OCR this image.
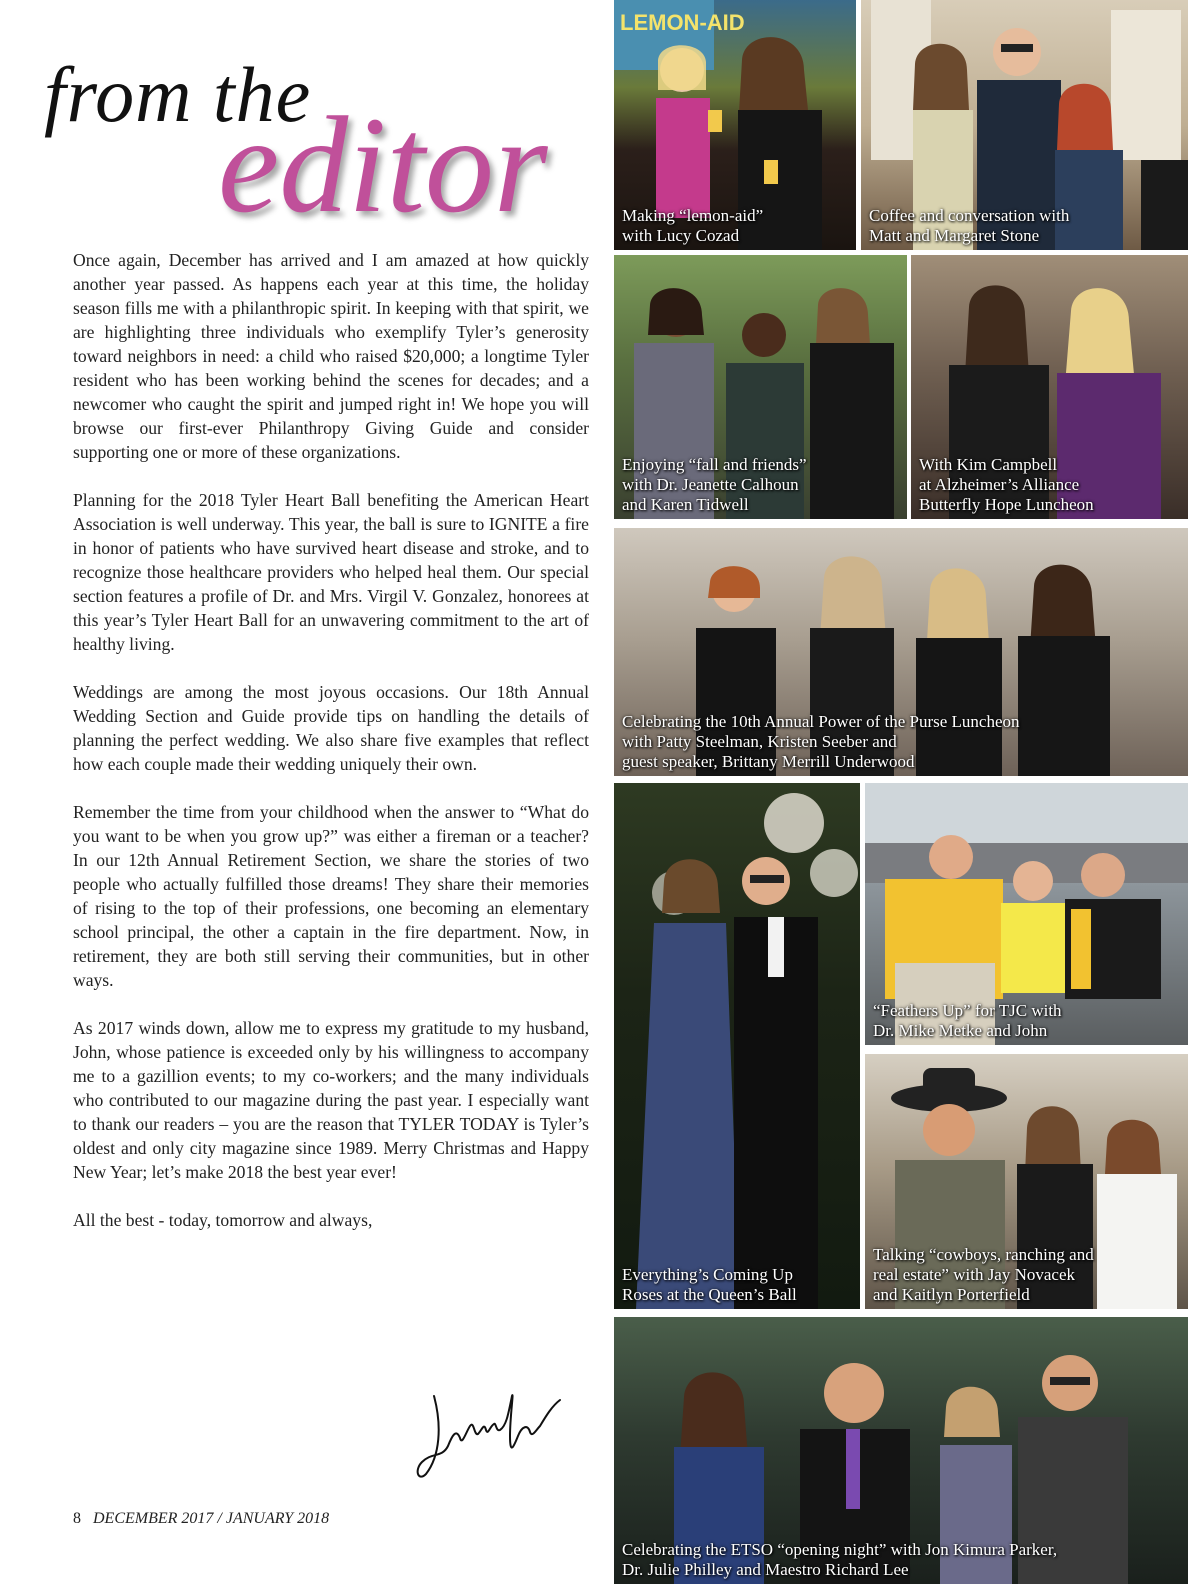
from the
editor

Once again, December has arrived and I am amazed at how quickly another year passed. As happens each year at this time, the holiday season fills me with a philanthropic spirit. In keeping with that spirit, we are highlighting three individuals who exemplify Tyler’s generosity toward neighbors in need: a child who raised $20,000; a longtime Tyler resident who has been working behind the scenes for decades; and a newcomer who caught the spirit and jumped right in! We hope you will browse our first-ever Philanthropy Giving Guide and consider supporting one or more of these organizations.

Planning for the 2018 Tyler Heart Ball benefiting the American Heart Association is well underway. This year, the ball is sure to IGNITE a fire in honor of patients who have survived heart disease and stroke, and to recognize those healthcare providers who helped heal them. Our special section features a profile of Dr. and Mrs. Virgil V. Gonzalez, honorees at this year’s Tyler Heart Ball for an unwavering commitment to the art of healthy living.

Weddings are among the most joyous occasions. Our 18th Annual Wedding Section and Guide provide tips on handling the details of planning the perfect wedding. We also share five examples that reflect how each couple made their wedding uniquely their own.

Remember the time from your childhood when the answer to “What do you want to be when you grow up?” was either a fireman or a teacher? In our 12th Annual Retirement Section, we share the stories of two people who actually fulfilled those dreams! They share their memories of rising to the top of their professions, one becoming an elementary school principal, the other a captain in the fire department. Now, in retirement, they are both still serving their communities, but in other ways.

As 2017 winds down, allow me to express my gratitude to my husband, John, whose patience is exceeded only by his willingness to accompany me to a gazillion events; to my co-workers; and the many individuals who contributed to our magazine during the past year. I especially want to thank our readers – you are the reason that TYLER TODAY is Tyler’s oldest and only city magazine since 1989. Merry Christmas and Happy New Year; let’s make 2018 the best year ever!

All the best - today, tomorrow and always,

8 DECEMBER 2017 / JANUARY 2018
LEMON-AID
Making “lemon-aid”
with Lucy Cozad
Coffee and conversation with
Matt and Margaret Stone
Enjoying “fall and friends”
with Dr. Jeanette Calhoun
and Karen Tidwell
With Kim Campbell
at Alzheimer’s Alliance
Butterfly Hope Luncheon
Celebrating the 10th Annual Power of the Purse Luncheon
with Patty Steelman, Kristen Seeber and
guest speaker, Brittany Merrill Underwood
Everything’s Coming Up
Roses at the Queen’s Ball
“Feathers Up” for TJC with
Dr. Mike Metke and John
Talking “cowboys, ranching and
real estate” with Jay Novacek
and Kaitlyn Porterfield
Celebrating the ETSO “opening night” with Jon Kimura Parker,
Dr. Julie Philley and Maestro Richard Lee
